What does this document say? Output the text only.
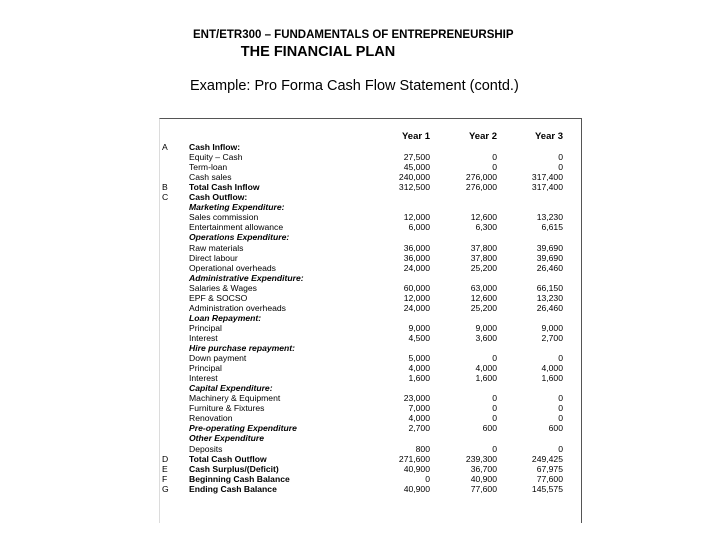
ENT/ETR300 – FUNDAMENTALS OF ENTREPRENEURSHIP
THE FINANCIAL PLAN
Example: Pro Forma Cash Flow Statement (contd.)
Year 1	Year 2	Year 3
A Cash Inflow:
Equity – Cash	27,500	0	0
Term-loan	45,000	0	0
Cash sales	240,000	276,000	317,400
B Total Cash Inflow	312,500	276,000	317,400
C Cash Outflow:
Marketing Expenditure:
Sales commission	12,000	12,600	13,230
Entertainment allowance	6,000	6,300	6,615
Operations Expenditure:
Raw materials	36,000	37,800	39,690
Direct labour	36,000	37,800	39,690
Operational overheads	24,000	25,200	26,460
Administrative Expenditure:
Salaries & Wages	60,000	63,000	66,150
EPF & SOCSO	12,000	12,600	13,230
Administration overheads	24,000	25,200	26,460
Loan Repayment:
Principal	9,000	9,000	9,000
Interest	4,500	3,600	2,700
Hire purchase repayment:
Down payment	5,000	0	0
Principal	4,000	4,000	4,000
Interest	1,600	1,600	1,600
Capital Expenditure:
Machinery & Equipment	23,000	0	0
Furniture & Fixtures	7,000	0	0
Renovation	4,000	0	0
Pre-operating Expenditure	2,700	600	600
Other Expenditure
Deposits	800	0	0
D Total Cash Outflow	271,600	239,300	249,425
E Cash Surplus/(Deficit)	40,900	36,700	67,975
F	Beginning Cash Balance	0	40,900	77,600
G Ending Cash Balance	40,900	77,600	145,575
